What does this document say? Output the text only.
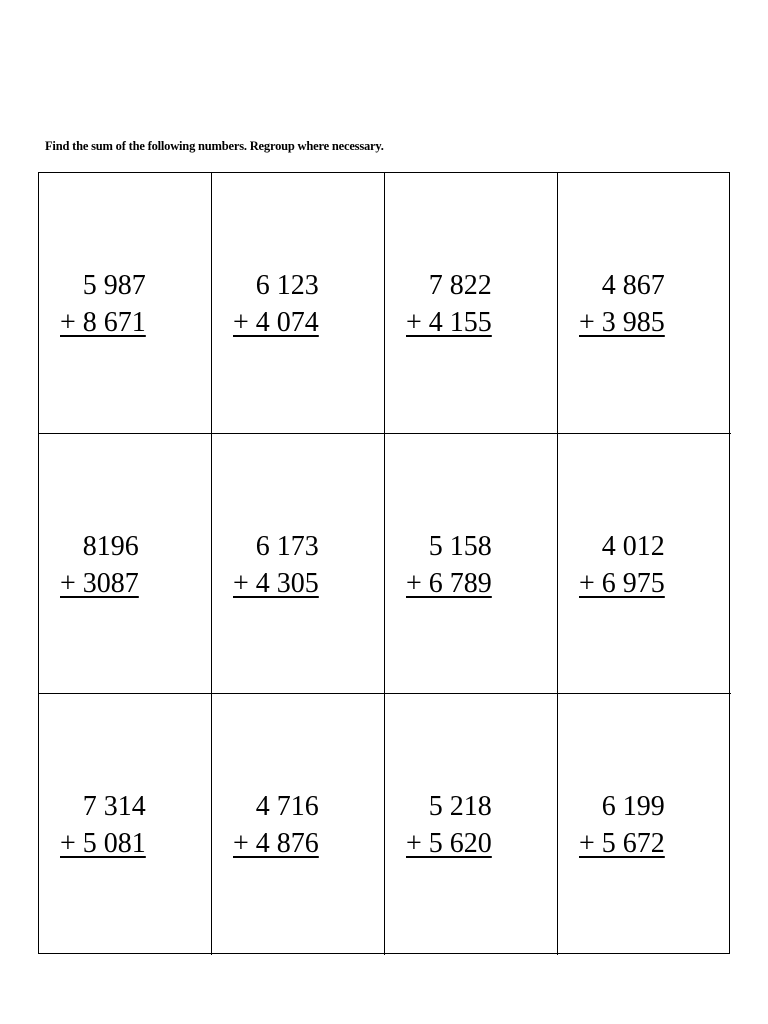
Find the sum of the following numbers. Regroup where necessary.
5 987
+ 8 671
6 123
+ 4 074
7 822
+ 4 155
4 867
+ 3 985
8196
+ 3087
6 173
+ 4 305
5 158
+ 6 789
4 012
+ 6 975
7 314
+ 5 081
4 716
+ 4 876
5 218
+ 5 620
6 199
+ 5 672
